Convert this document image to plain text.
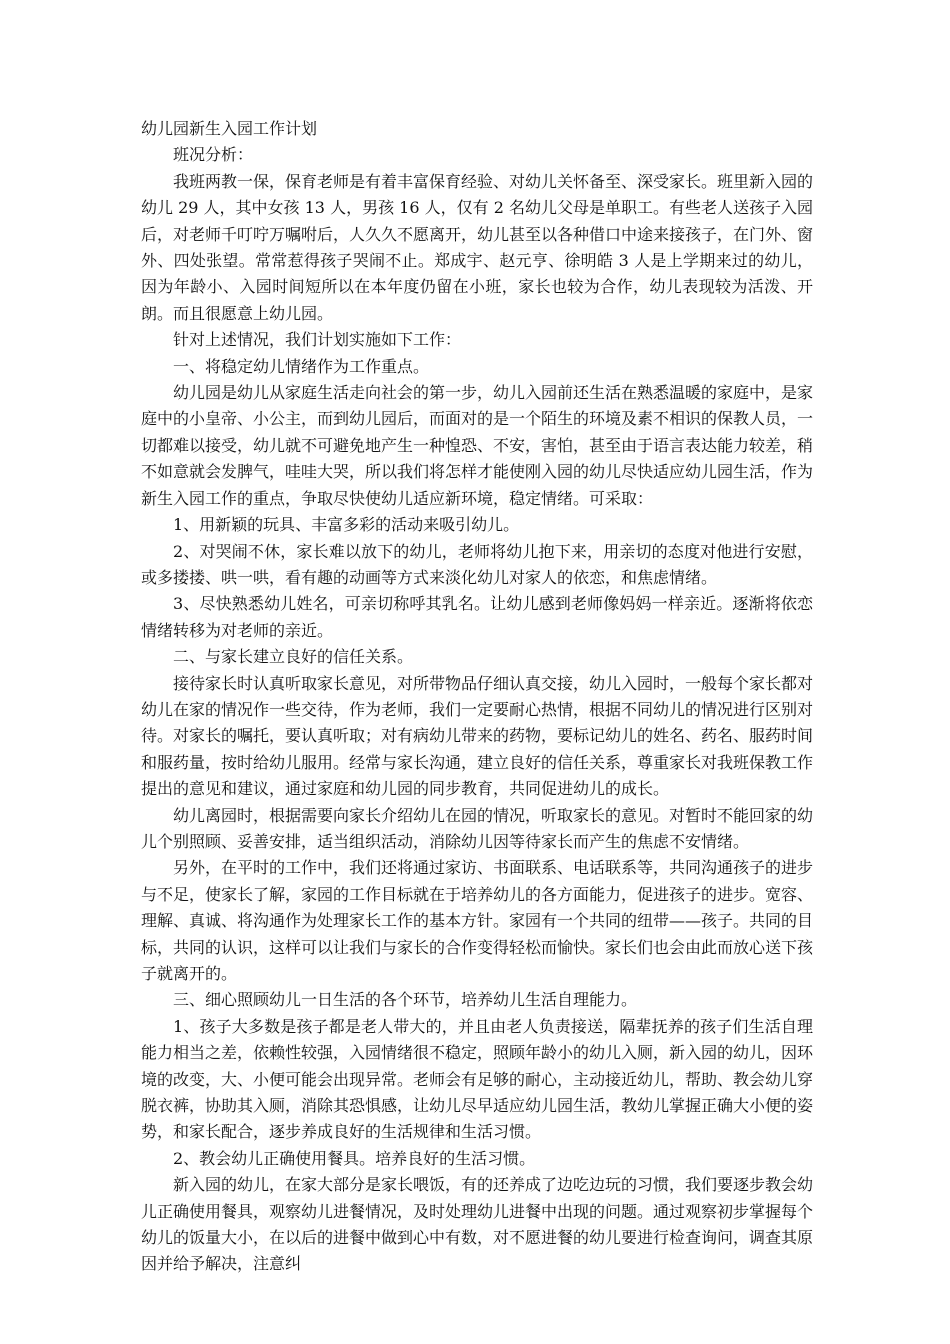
幼儿园新生入园工作计划

班况分析：

我班两教一保，保育老师是有着丰富保育经验、对幼儿关怀备至、深受家长。班里新入园的幼儿 29 人，其中女孩 13 人，男孩 16 人，仅有 2 名幼儿父母是单职工。有些老人送孩子入园后，对老师千叮咛万嘱咐后，人久久不愿离开，幼儿甚至以各种借口中途来接孩子，在门外、窗外、四处张望。常常惹得孩子哭闹不止。郑成宇、赵元亨、徐明皓 3 人是上学期来过的幼儿，因为年龄小、入园时间短所以在本年度仍留在小班，家长也较为合作，幼儿表现较为活泼、开朗。而且很愿意上幼儿园。

针对上述情况，我们计划实施如下工作：

一、将稳定幼儿情绪作为工作重点。

幼儿园是幼儿从家庭生活走向社会的第一步，幼儿入园前还生活在熟悉温暖的家庭中，是家庭中的小皇帝、小公主，而到幼儿园后，而面对的是一个陌生的环境及素不相识的保教人员，一切都难以接受，幼儿就不可避免地产生一种惶恐、不安，害怕，甚至由于语言表达能力较差，稍不如意就会发脾气，哇哇大哭，所以我们将怎样才能使刚入园的幼儿尽快适应幼儿园生活，作为新生入园工作的重点，争取尽快使幼儿适应新环境，稳定情绪。可采取：

1、用新颖的玩具、丰富多彩的活动来吸引幼儿。

2、对哭闹不休，家长难以放下的幼儿，老师将幼儿抱下来，用亲切的态度对他进行安慰，或多搂搂、哄一哄，看有趣的动画等方式来淡化幼儿对家人的依恋，和焦虑情绪。

3、尽快熟悉幼儿姓名，可亲切称呼其乳名。让幼儿感到老师像妈妈一样亲近。逐渐将依恋情绪转移为对老师的亲近。

二、与家长建立良好的信任关系。

接待家长时认真听取家长意见，对所带物品仔细认真交接，幼儿入园时，一般每个家长都对幼儿在家的情况作一些交待，作为老师，我们一定要耐心热情，根据不同幼儿的情况进行区别对待。对家长的嘱托，要认真听取；对有病幼儿带来的药物，要标记幼儿的姓名、药名、服药时间和服药量，按时给幼儿服用。经常与家长沟通，建立良好的信任关系，尊重家长对我班保教工作提出的意见和建议，通过家庭和幼儿园的同步教育，共同促进幼儿的成长。

幼儿离园时，根据需要向家长介绍幼儿在园的情况，听取家长的意见。对暂时不能回家的幼儿个别照顾、妥善安排，适当组织活动，消除幼儿因等待家长而产生的焦虑不安情绪。

另外，在平时的工作中，我们还将通过家访、书面联系、电话联系等，共同沟通孩子的进步与不足，使家长了解，家园的工作目标就在于培养幼儿的各方面能力，促进孩子的进步。宽容、理解、真诚、将沟通作为处理家长工作的基本方针。家园有一个共同的纽带——孩子。共同的目标，共同的认识，这样可以让我们与家长的合作变得轻松而愉快。家长们也会由此而放心送下孩子就离开的。

三、细心照顾幼儿一日生活的各个环节，培养幼儿生活自理能力。

1、孩子大多数是孩子都是老人带大的，并且由老人负责接送，隔辈抚养的孩子们生活自理能力相当之差，依赖性较强，入园情绪很不稳定，照顾年龄小的幼儿入厕，新入园的幼儿，因环境的改变，大、小便可能会出现异常。老师会有足够的耐心，主动接近幼儿，帮助、教会幼儿穿脱衣裤，协助其入厕，消除其恐惧感，让幼儿尽早适应幼儿园生活，教幼儿掌握正确大小便的姿势，和家长配合，逐步养成良好的生活规律和生活习惯。

2、教会幼儿正确使用餐具。培养良好的生活习惯。

新入园的幼儿，在家大部分是家长喂饭，有的还养成了边吃边玩的习惯，我们要逐步教会幼儿正确使用餐具，观察幼儿进餐情况，及时处理幼儿进餐中出现的问题。通过观察初步掌握每个幼儿的饭量大小，在以后的进餐中做到心中有数，对不愿进餐的幼儿要进行检查询问，调查其原因并给予解决，注意纠
